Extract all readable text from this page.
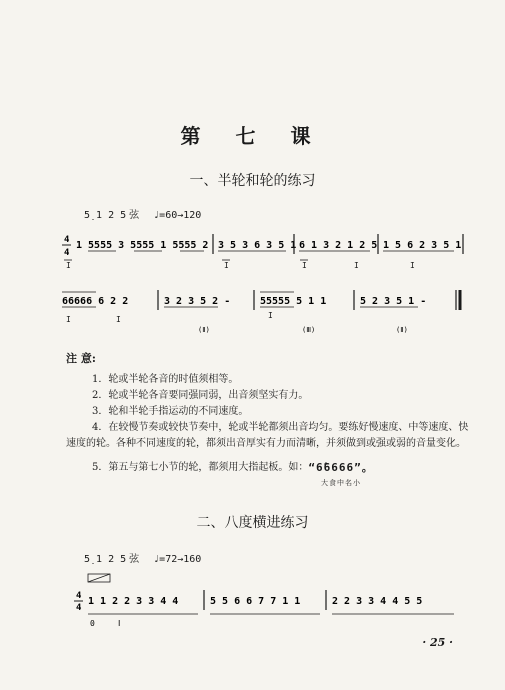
第 七 课
一、半轮和轮的练习
5̣ 1 2 5 弦 ♩=60→120
4
4
1 5555 3 5555 1 5555 2 3 5 3 6 3 5 1 6 1 3 2 1 2 5 1 5 6 2 3 5 1
I	I	I	I	I
66666 6 2 2	3 2 3 5 2 -	55555 5 1 1	5 2 3 5 1 -
I	I	I
(Ⅱ)	(Ⅲ)	(Ⅱ)
注 意:
1．轮或半轮各音的时值须相等。
2．轮或半轮各音要同强同弱，出音须坚实有力。
3．轮和半轮手指运动的不同速度。
4．在较慢节奏或较快节奏中，轮或半轮都须出音均匀。要练好慢速度、中等速度、快速度的轮。各种不同速度的轮，都须出音厚实有力而清晰，并须做到或强或弱的音量变化。
5．第五与第七小节的轮，都须用大指起板。如：“6̂6666”。
大食中名小
二、八度横进练习
5̣ 1 2 5 弦 ♩=72→160
4
4
1 1 2 2 3 3 4 4	5 5 6 6 7 7 1 1	2 2 3 3 4 4 5 5
0	Ⅰ
· 25 ·
